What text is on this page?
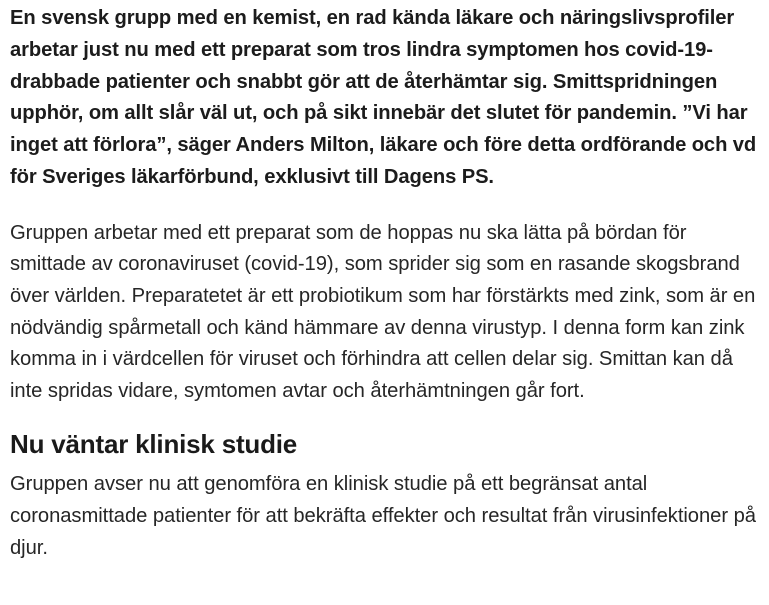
En svensk grupp med en kemist, en rad kända läkare och näringslivsprofiler arbetar just nu med ett preparat som tros lindra symptomen hos covid-19-drabbade patienter och snabbt gör att de återhämtar sig. Smittspridningen upphör, om allt slår väl ut, och på sikt innebär det slutet för pandemin. ”Vi har inget att förlora”, säger Anders Milton, läkare och före detta ordförande och vd för Sveriges läkarförbund, exklusivt till Dagens PS.

Gruppen arbetar med ett preparat som de hoppas nu ska lätta på bördan för smittade av coronaviruset (covid-19), som sprider sig som en rasande skogsbrand över världen. Preparatetet är ett probiotikum som har förstärkts med zink, som är en nödvändig spårmetall och känd hämmare av denna virustyp. I denna form kan zink komma in i värdcellen för viruset och förhindra att cellen delar sig. Smittan kan då inte spridas vidare, symtomen avtar och återhämtningen går fort.

Nu väntar klinisk studie

Gruppen avser nu att genomföra en klinisk studie på ett begränsat antal coronasmittade patienter för att bekräfta effekter och resultat från virusinfektioner på djur.
